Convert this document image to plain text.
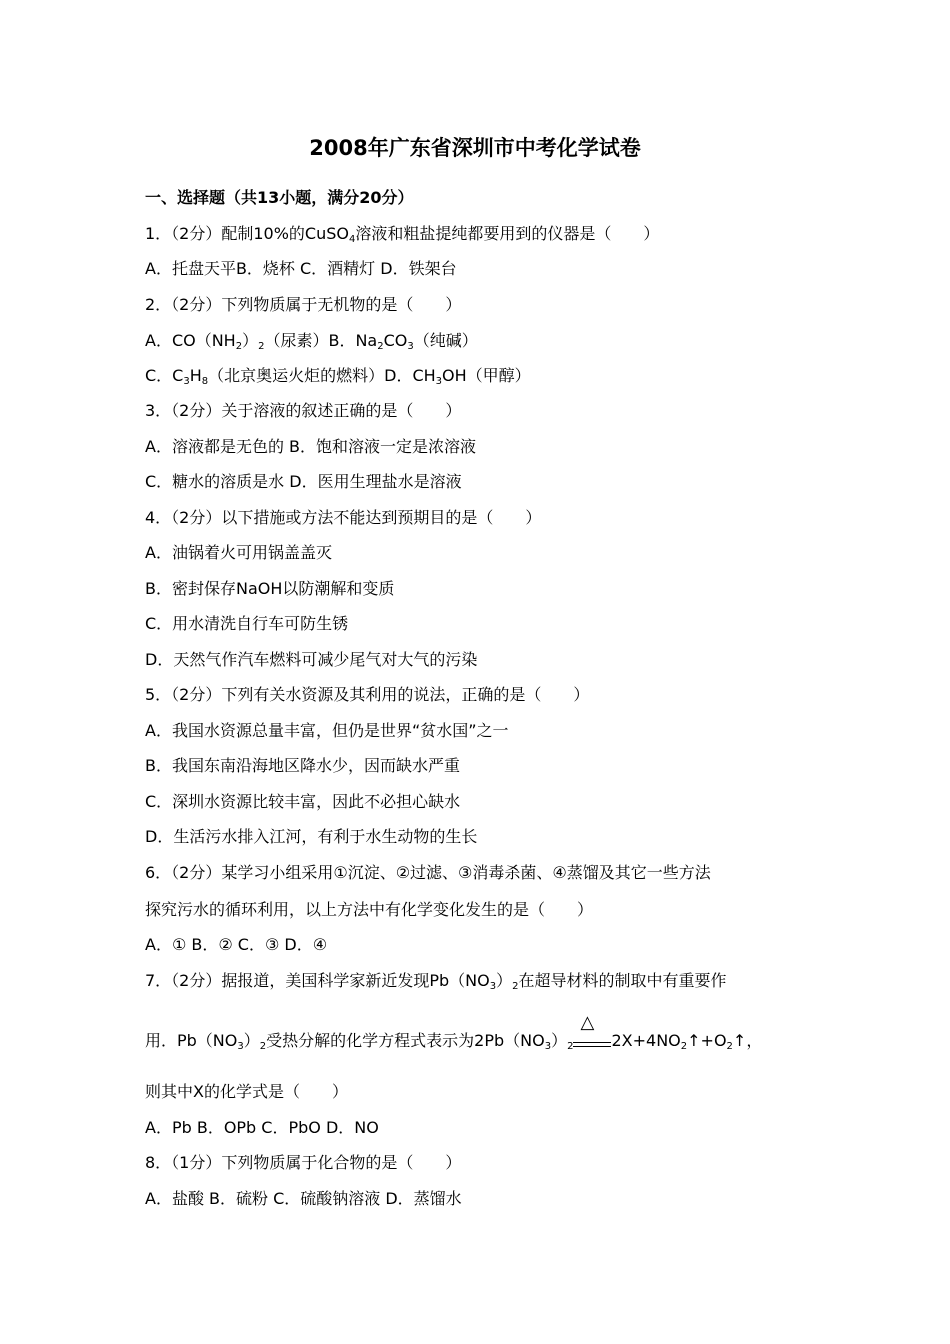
2008年广东省深圳市中考化学试卷
一、选择题（共13小题，满分20分）
1．（2分）配制10%的CuSO$_4$溶液和粗盐提纯都要用到的仪器是（　　）
A．托盘天平B．烧杯 C．酒精灯 D．铁架台
2．（2分）下列物质属于无机物的是（　　）
A．$CO(NH_2)_2$（尿素）B．$Na_2CO_3$（纯碱）
C．$C_3H_8$（北京奥运火炬的燃料）D．$CH_3OH$（甲醇）
3．（2分）关于溶液的叙述正确的是（　　）
A．溶液都是无色的 B．饱和溶液一定是浓溶液
C．糖水的溶质是水 D．医用生理盐水是溶液
4．（2分）以下措施或方法不能达到预期目的是（　　）
A．油锅着火可用锅盖盖灭
B．密封保存NaOH以防潮解和变质
C．用水清洗自行车可防生锈
D．天然气作汽车燃料可减少尾气对大气的污染
5．（2分）下列有关水资源及其利用的说法，正确的是（　　）
A．我国水资源总量丰富，但仍是世界“贫水国”之一
B．我国东南沿海地区降水少，因而缺水严重
C．深圳水资源比较丰富，因此不必担心缺水
D．生活污水排入江河，有利于水生动物的生长
6．（2分）某学习小组采用①沉淀、②过滤、③消毒杀菌、④蒸馏及其它一些方法
探究污水的循环利用，以上方法中有化学变化发生的是（　　）
A．① B．② C．③ D．④
7．（2分）据报道，美国科学家新近发现$Pb(NO_3)_2$在超导材料的制取中有重要作
用．$Pb(NO_3)_2$受热分解的化学方程式表示为$2Pb(NO_3)_2$
△
$2X+4NO_2↑+O_2↑$，
则其中X的化学式是（　　）
A．Pb B．OPb C．PbO D．NO
8．（1分）下列物质属于化合物的是（　　）
A．盐酸 B．硫粉 C．硫酸钠溶液 D．蒸馏水
